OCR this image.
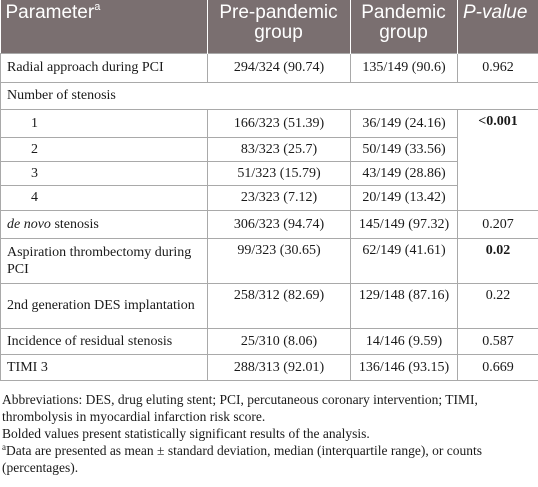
Parameter$^a$	Pre-pandemic group	Pandemic group	P-value
Radial approach during PCI	294/324 (90.74)	135/149 (90.6)	0.962
Number of stenosis			
1	166/323 (51.39)	36/149 (24.16)	<0.001
2	83/323 (25.7)	50/149 (33.56)	
3	51/323 (15.79)	43/149 (28.86)	
4	23/323 (7.12)	20/149 (13.42)	
de novo stenosis	306/323 (94.74)	145/149 (97.32)	0.207
Aspiration thrombectomy during PCI	99/323 (30.65)	62/149 (41.61)	0.02
2nd generation DES implantation	258/312 (82.69)	129/148 (87.16)	0.22
Incidence of residual stenosis	25/310 (8.06)	14/146 (9.59)	0.587
TIMI 3	288/313 (92.01)	136/146 (93.15)	0.669

Abbreviations: DES, drug eluting stent; PCI, percutaneous coronary intervention; TIMI, thrombolysis in myocardial infarction risk score.

Bolded values present statistically significant results of the analysis.

$^a$Data are presented as mean ± standard deviation, median (interquartile range), or counts (percentages).
